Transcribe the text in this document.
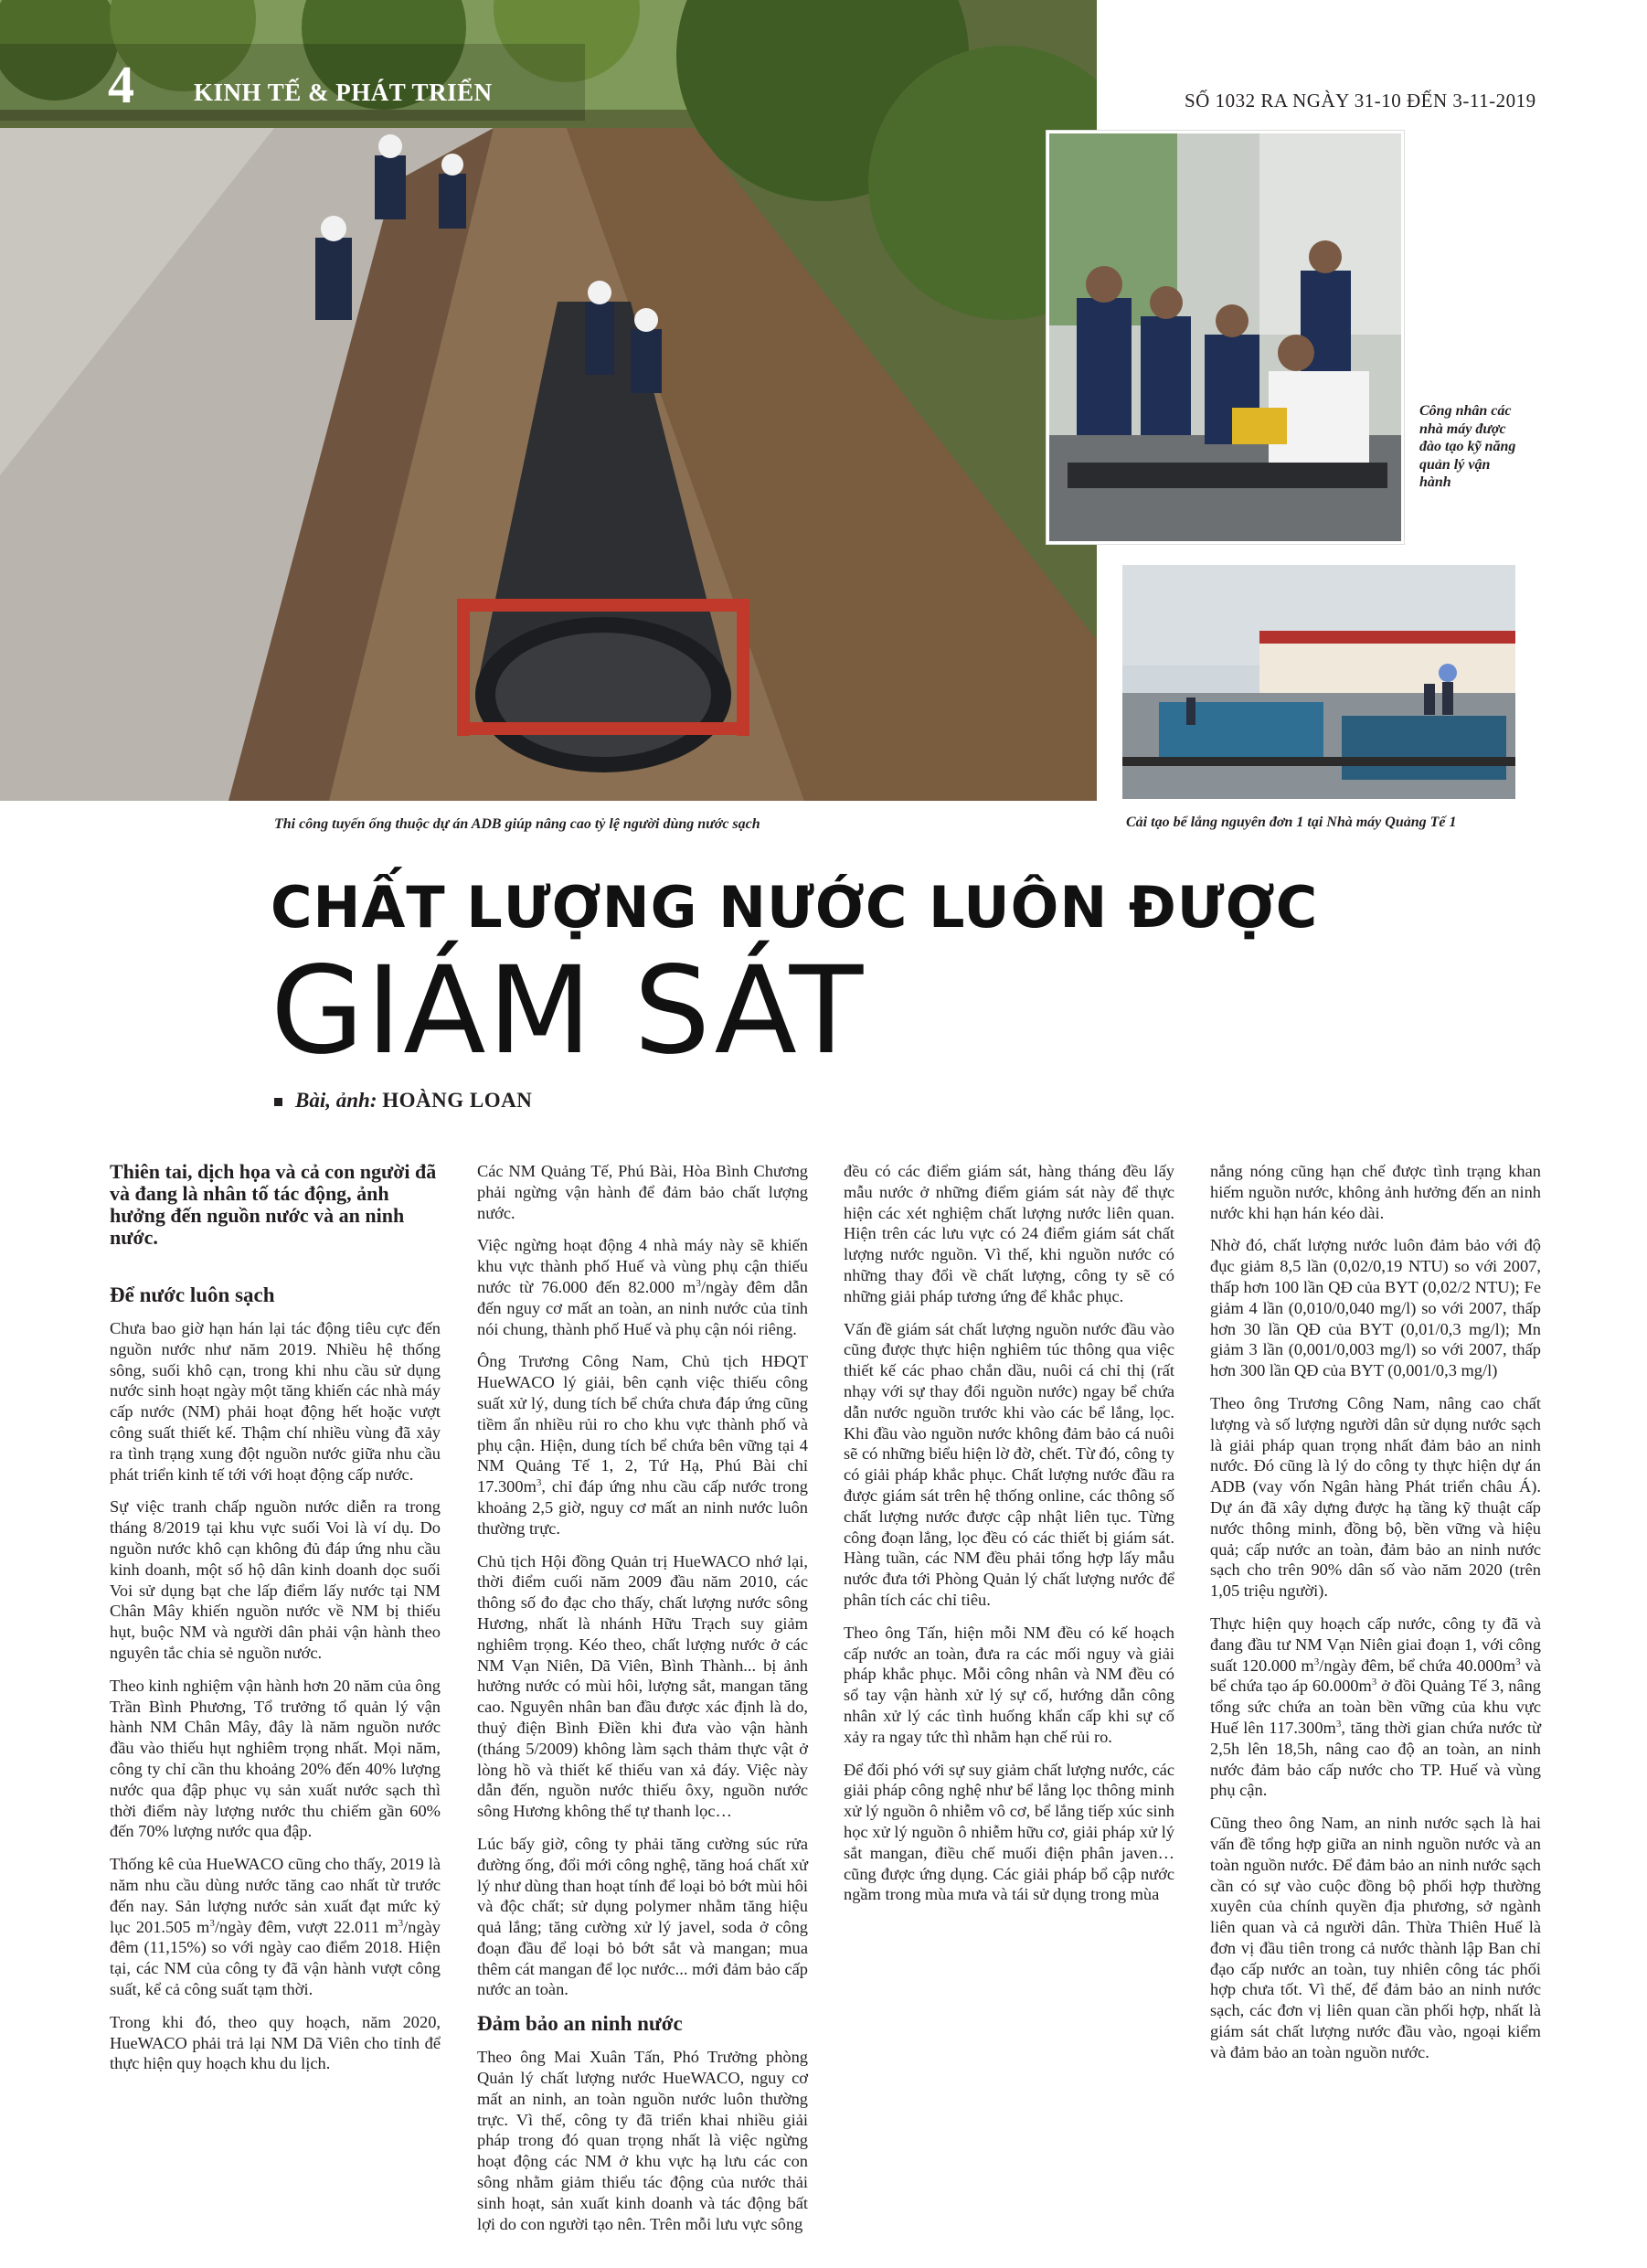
4 KINH TẾ & PHÁT TRIỂN	SỐ 1032 RA NGÀY 31-10 ĐẾN 3-11-2019
Thi công tuyến ống thuộc dự án ADB giúp nâng cao tỷ lệ người dùng nước sạch
Công nhân các nhà máy được đào tạo kỹ năng quản lý vận hành
Cải tạo bể lắng nguyên đơn 1 tại Nhà máy Quảng Tế 1
CHẤT LƯỢNG NƯỚC LUÔN ĐƯỢC
GIÁM SÁT
Bài, ảnh: HOÀNG LOAN

Thiên tai, dịch họa và cả con người đã và đang là nhân tố tác động, ảnh hưởng đến nguồn nước và an ninh nước.

Để nước luôn sạch

Chưa bao giờ hạn hán lại tác động tiêu cực đến nguồn nước như năm 2019. Nhiều hệ thống sông, suối khô cạn, trong khi nhu cầu sử dụng nước sinh hoạt ngày một tăng khiến các nhà máy cấp nước (NM) phải hoạt động hết hoặc vượt công suất thiết kế. Thậm chí nhiều vùng đã xảy ra tình trạng xung đột nguồn nước giữa nhu cầu phát triển kinh tế tới với hoạt động cấp nước.

Sự việc tranh chấp nguồn nước diễn ra trong tháng 8/2019 tại khu vực suối Voi là ví dụ. Do nguồn nước khô cạn không đủ đáp ứng nhu cầu kinh doanh, một số hộ dân kinh doanh dọc suối Voi sử dụng bạt che lấp điểm lấy nước tại NM Chân Mây khiến nguồn nước về NM bị thiếu hụt, buộc NM và người dân phải vận hành theo nguyên tắc chia sẻ nguồn nước.

Theo kinh nghiệm vận hành hơn 20 năm của ông Trần Bình Phương, Tổ trưởng tổ quản lý vận hành NM Chân Mây, đây là năm nguồn nước đầu vào thiếu hụt nghiêm trọng nhất. Mọi năm, công ty chỉ cần thu khoảng 20% đến 40% lượng nước qua đập phục vụ sản xuất nước sạch thì thời điểm này lượng nước thu chiếm gần 60% đến 70% lượng nước qua đập.

Thống kê của HueWACO cũng cho thấy, 2019 là năm nhu cầu dùng nước tăng cao nhất từ trước đến nay. Sản lượng nước sản xuất đạt mức kỷ lục 201.505 $m^3$/ngày đêm, vượt 22.011 $m^3$/ngày đêm (11,15%) so với ngày cao điểm 2018. Hiện tại, các NM của công ty đã vận hành vượt công suất, kể cả công suất tạm thời.

Trong khi đó, theo quy hoạch, năm 2020, HueWACO phải trả lại NM Dã Viên cho tỉnh để thực hiện quy hoạch khu du lịch.

Các NM Quảng Tế, Phú Bài, Hòa Bình Chương phải ngừng vận hành để đảm bảo chất lượng nước.

Việc ngừng hoạt động 4 nhà máy này sẽ khiến khu vực thành phố Huế và vùng phụ cận thiếu nước từ 76.000 đến 82.000 $m^3$/ngày đêm dẫn đến nguy cơ mất an toàn, an ninh nước của tỉnh nói chung, thành phố Huế và phụ cận nói riêng.

Ông Trương Công Nam, Chủ tịch HĐQT HueWACO lý giải, bên cạnh việc thiếu công suất xử lý, dung tích bể chứa chưa đáp ứng cũng tiềm ẩn nhiều rủi ro cho khu vực thành phố và phụ cận. Hiện, dung tích bể chứa bên vững tại 4 NM Quảng Tế 1, 2, Tứ Hạ, Phú Bài chỉ $17.300m^3$, chỉ đáp ứng nhu cầu cấp nước trong khoảng 2,5 giờ, nguy cơ mất an ninh nước luôn thường trực.

Chủ tịch Hội đồng Quản trị HueWACO nhớ lại, thời điểm cuối năm 2009 đầu năm 2010, các thông số đo đạc cho thấy, chất lượng nước sông Hương, nhất là nhánh Hữu Trạch suy giảm nghiêm trọng. Kéo theo, chất lượng nước ở các NM Vạn Niên, Dã Viên, Bình Thành... bị ảnh hưởng nước có mùi hôi, lượng sắt, mangan tăng cao. Nguyên nhân ban đầu được xác định là do, thuỷ điện Bình Điền khi đưa vào vận hành (tháng 5/2009) không làm sạch thảm thực vật ở lòng hồ và thiết kế thiếu van xả đáy. Việc này dẫn đến, nguồn nước thiếu ôxy, nguồn nước sông Hương không thể tự thanh lọc…

Lúc bấy giờ, công ty phải tăng cường súc rửa đường ống, đổi mới công nghệ, tăng hoá chất xử lý như dùng than hoạt tính để loại bỏ bớt mùi hôi và độc chất; sử dụng polymer nhằm tăng hiệu quả lắng; tăng cường xử lý javel, soda ở công đoạn đầu để loại bỏ bớt sắt và mangan; mua thêm cát mangan để lọc nước... mới đảm bảo cấp nước an toàn.

Đảm bảo an ninh nước

Theo ông Mai Xuân Tấn, Phó Trưởng phòng Quản lý chất lượng nước HueWACO, nguy cơ mất an ninh, an toàn nguồn nước luôn thường trực. Vì thế, công ty đã triển khai nhiều giải pháp trong đó quan trọng nhất là việc ngừng hoạt động các NM ở khu vực hạ lưu các con sông nhằm giảm thiểu tác động của nước thải sinh hoạt, sản xuất kinh doanh và tác động bất lợi do con người tạo nên. Trên mỗi lưu vực sông

đều có các điểm giám sát, hàng tháng đều lấy mẫu nước ở những điểm giám sát này để thực hiện các xét nghiệm chất lượng nước liên quan. Hiện trên các lưu vực có 24 điểm giám sát chất lượng nước nguồn. Vì thế, khi nguồn nước có những thay đổi về chất lượng, công ty sẽ có những giải pháp tương ứng để khắc phục.

Vấn đề giám sát chất lượng nguồn nước đầu vào cũng được thực hiện nghiêm túc thông qua việc thiết kế các phao chắn dầu, nuôi cá chỉ thị (rất nhạy với sự thay đổi nguồn nước) ngay bể chứa dẫn nước nguồn trước khi vào các bể lắng, lọc. Khi đầu vào nguồn nước không đảm bảo cá nuôi sẽ có những biểu hiện lờ đờ, chết. Từ đó, công ty có giải pháp khắc phục. Chất lượng nước đầu ra được giám sát trên hệ thống online, các thông số chất lượng nước được cập nhật liên tục. Từng công đoạn lắng, lọc đều có các thiết bị giám sát. Hàng tuần, các NM đều phải tổng hợp lấy mẫu nước đưa tới Phòng Quản lý chất lượng nước để phân tích các chỉ tiêu.

Theo ông Tấn, hiện mỗi NM đều có kế hoạch cấp nước an toàn, đưa ra các mối nguy và giải pháp khắc phục. Mỗi công nhân và NM đều có sổ tay vận hành xử lý sự cố, hướng dẫn công nhân xử lý các tình huống khẩn cấp khi sự cố xảy ra ngay tức thì nhằm hạn chế rủi ro.

Để đối phó với sự suy giảm chất lượng nước, các giải pháp công nghệ như bể lắng lọc thông minh xử lý nguồn ô nhiễm vô cơ, bể lắng tiếp xúc sinh học xử lý nguồn ô nhiễm hữu cơ, giải pháp xử lý sắt mangan, điều chế muối điện phân javen… cũng được ứng dụng. Các giải pháp bổ cập nước ngầm trong mùa mưa và tái sử dụng trong mùa

nắng nóng cũng hạn chế được tình trạng khan hiếm nguồn nước, không ảnh hưởng đến an ninh nước khi hạn hán kéo dài.

Nhờ đó, chất lượng nước luôn đảm bảo với độ đục giảm 8,5 lần (0,02/0,19 NTU) so với 2007, thấp hơn 100 lần QĐ của BYT (0,02/2 NTU); Fe giảm 4 lần (0,010/0,040 mg/l) so với 2007, thấp hơn 30 lần QĐ của BYT (0,01/0,3 mg/l); Mn giảm 3 lần (0,001/0,003 mg/l) so với 2007, thấp hơn 300 lần QĐ của BYT (0,001/0,3 mg/l)

Theo ông Trương Công Nam, nâng cao chất lượng và số lượng người dân sử dụng nước sạch là giải pháp quan trọng nhất đảm bảo an ninh nước. Đó cũng là lý do công ty thực hiện dự án ADB (vay vốn Ngân hàng Phát triển châu Á). Dự án đã xây dựng được hạ tầng kỹ thuật cấp nước thông minh, đồng bộ, bền vững và hiệu quả; cấp nước an toàn, đảm bảo an ninh nước sạch cho trên 90% dân số vào năm 2020 (trên 1,05 triệu người).

Thực hiện quy hoạch cấp nước, công ty đã và đang đầu tư NM Vạn Niên giai đoạn 1, với công suất 120.000 $m^3$/ngày đêm, bể chứa $40.000m^3$ và bể chứa tạo áp $60.000m^3$ ở đồi Quảng Tế 3, nâng tổng sức chứa an toàn bền vững của khu vực Huế lên $117.300m^3$, tăng thời gian chứa nước từ 2,5h lên 18,5h, nâng cao độ an toàn, an ninh nước đảm bảo cấp nước cho TP. Huế và vùng phụ cận.

Cũng theo ông Nam, an ninh nước sạch là hai vấn đề tổng hợp giữa an ninh nguồn nước và an toàn nguồn nước. Để đảm bảo an ninh nước sạch cần có sự vào cuộc đồng bộ phối hợp thường xuyên của chính quyền địa phương, sở ngành liên quan và cả người dân. Thừa Thiên Huế là đơn vị đầu tiên trong cả nước thành lập Ban chỉ đạo cấp nước an toàn, tuy nhiên công tác phối hợp chưa tốt. Vì thế, để đảm bảo an ninh nước sạch, các đơn vị liên quan cần phối hợp, nhất là giám sát chất lượng nước đầu vào, ngoại kiểm và đảm bảo an toàn nguồn nước.
